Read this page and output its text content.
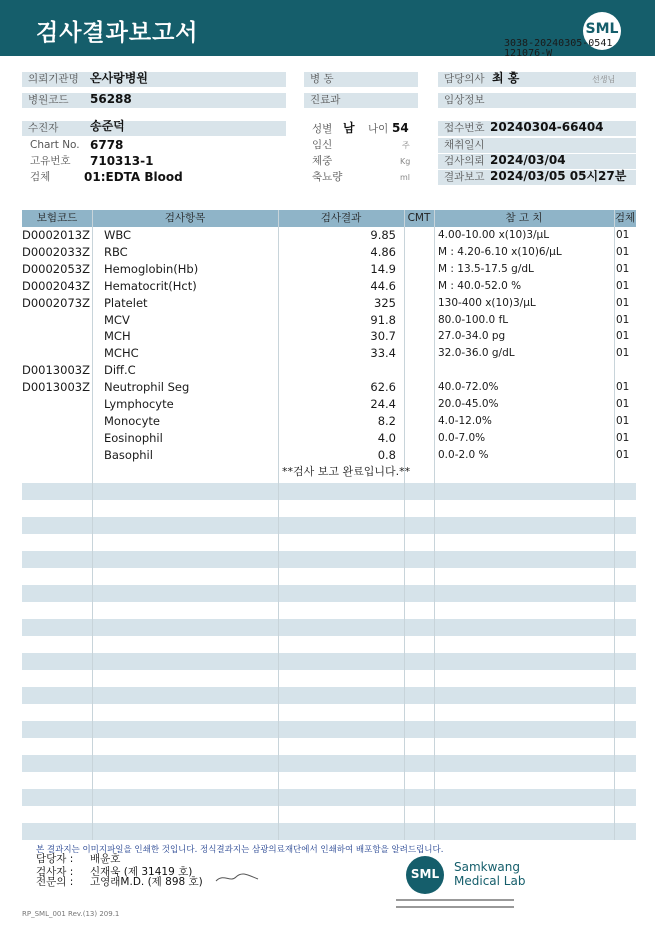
검사결과보고서	SML
3038-20240305-0541
121076-W
의뢰기관명 온사랑병원
병원코드	56288
수진자	송준덕
Chart No. 6778
고유번호 710313-1
검체	01:EDTA Blood
병 동
진료과
성별 남 나이 54
임신	주
체중	Kg
축뇨량	ml
담당의사 최 홍	선생님
임상정보
접수번호 20240304-66404
채취일시
검사의뢰 2024/03/04
결과보고 2024/03/05 05시27분
보험코드	검사항목	검사결과	CMT	참 고 치	검체
D0002013Z WBC	9.85	4.00-10.00 x(10)3/μL	01
D0002033Z RBC	4.86	M : 4.20-6.10 x(10)6/μL	01
D0002053Z Hemoglobin(Hb)	14.9	M : 13.5-17.5 g/dL	01
D0002043Z Hematocrit(Hct)	44.6	M : 40.0-52.0 %	01
D0002073Z Platelet	325	130-400 x(10)3/μL	01
MCV	91.8	80.0-100.0 fL	01
MCH	30.7	27.0-34.0 pg	01
MCHC	33.4	32.0-36.0 g/dL	01
D0013003Z Diff.C
D0013003Z Neutrophil Seg	62.6	40.0-72.0%	01
Lymphocyte	24.4	20.0-45.0%	01
Monocyte	8.2	4.0-12.0%	01
Eosinophil	4.0	0.0-7.0%	01
Basophil	0.8	0.0-2.0 %	01
**검사 보고 완료입니다.**
본 결과지는 이미지파일을 인쇄한 것입니다. 정식결과지는 삼광의료재단에서 인쇄하여 배포함을 알려드립니다.
담당자 : 배윤호
검사자 : 신재욱 (제 31419 호)
전문의 : 고영래M.D. (제 898 호)
SML	Samkwang
Medical Lab
RP_SML_001 Rev.(13) 209.1
